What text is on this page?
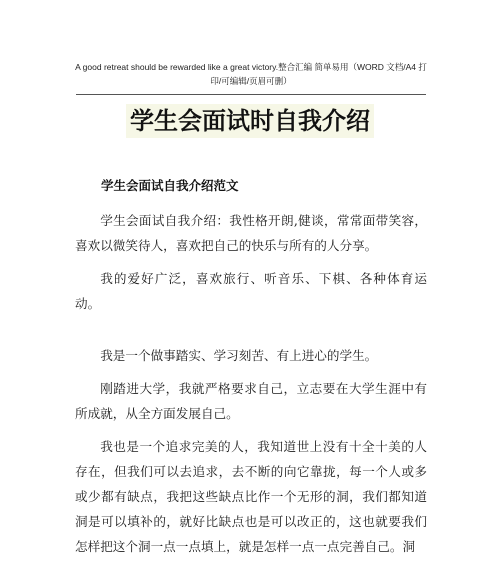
A good retreat should be rewarded like a great victory.整合汇编 简单易用（WORD 文档/A4 打印/可编辑/页眉可删）
学生会面试时自我介绍
学生会面试自我介绍范文

学生会面试自我介绍：我性格开朗,健谈，常常面带笑容，喜欢以微笑待人，喜欢把自己的快乐与所有的人分享。

我的爱好广泛，喜欢旅行、听音乐、下棋、各种体育运动。

我是一个做事踏实、学习刻苦、有上进心的学生。

刚踏进大学，我就严格要求自己，立志要在大学生涯中有所成就，从全方面发展自己。

我也是一个追求完美的人，我知道世上没有十全十美的人存在，但我们可以去追求，去不断的向它靠拢，每一个人或多或少都有缺点，我把这些缺点比作一个无形的洞，我们都知道洞是可以填补的，就好比缺点也是可以改正的，这也就要我们怎样把这个洞一点一点填上，就是怎样一点一点完善自己。洞
